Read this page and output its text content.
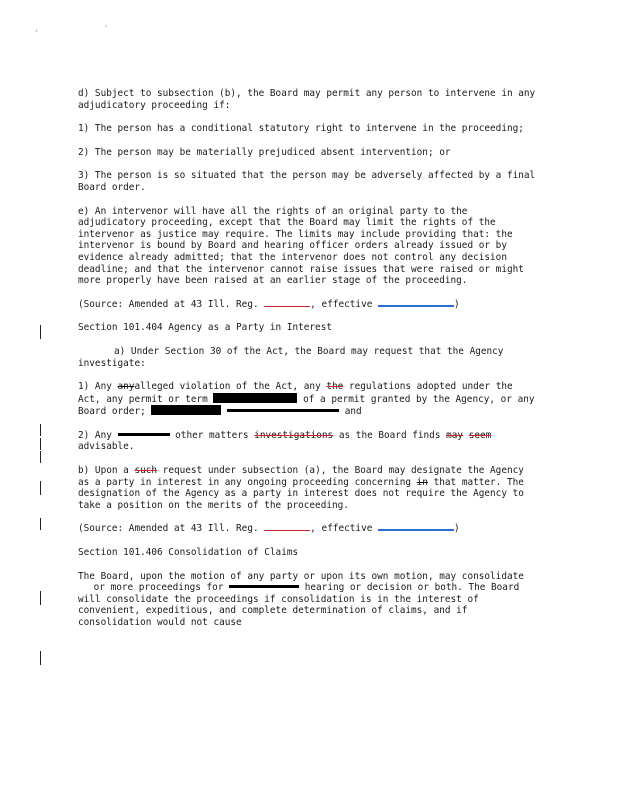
, '

d) Subject to subsection (b), the Board may permit any person to intervene in any adjudicatory proceeding if:

1) The person has a conditional statutory right to intervene in the proceeding;

2) The person may be materially prejudiced absent intervention; or

3) The person is so situated that the person may be adversely affected by a final Board order.

e) An intervenor will have all the rights of an original party to the adjudicatory proceeding, except that the Board may limit the rights of the intervenor as justice may require. The limits may include providing that: the intervenor is bound by Board and hearing officer orders already issued or by evidence already admitted; that the intervenor does not control any decision deadline; and that the intervenor cannot raise issues that were raised or might more properly have been raised at an earlier stage of the proceeding.

(Source: Amended at 43 Ill. Reg.	, effective	)

Section 101.404 Agency as a Party in Interest

a) Under Section 30 of the Act, the Board may request that the Agency investigate:

1) Any anyalleged violation of the Act, any the regulations adopted under the Act, any permit or term	of a permit granted by the Agency, or any Board order;	and

2) Any	other matters investigations as the Board finds may seem advisable.

b) Upon a such request under subsection (a), the Board may designate the Agency as a party in interest in any ongoing proceeding concerning in that matter. The designation of the Agency as a party in interest does not require the Agency to take a position on the merits of the proceeding.

(Source: Amended at 43 Ill. Reg.	, effective	)

Section 101.406 Consolidation of Claims

The Board, upon the motion of any party or upon its own motion, may consolidate  or more proceedings for	hearing or decision or both. The Board will consolidate the proceedings if consolidation is in the interest of convenient, expeditious, and complete determination of claims, and if consolidation would not cause
